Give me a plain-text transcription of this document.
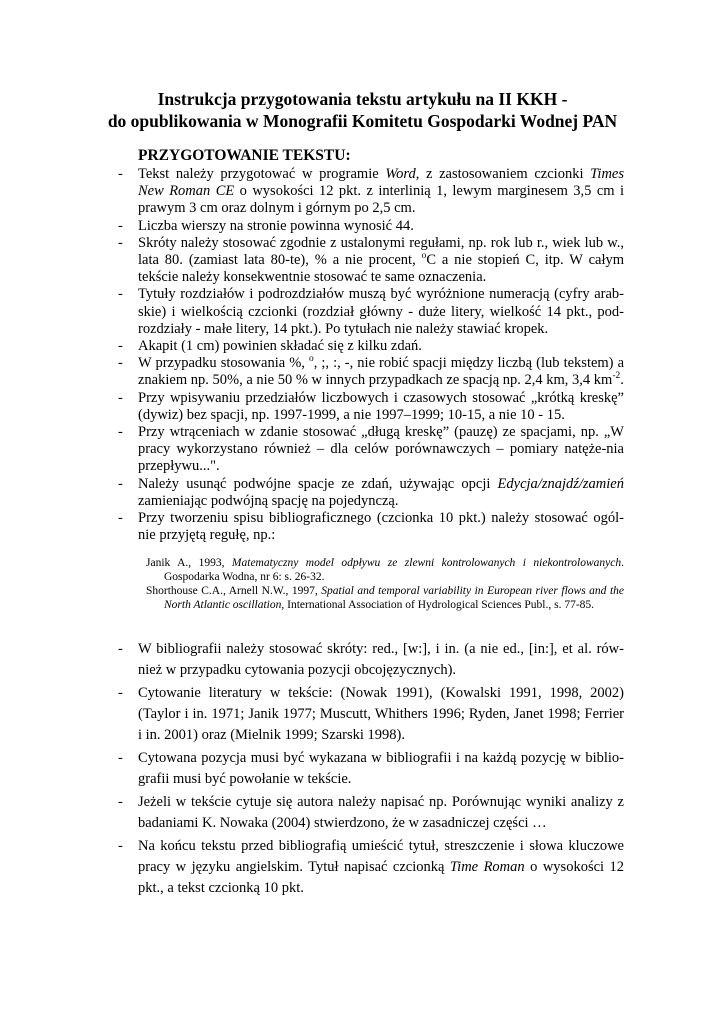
Instrukcja przygotowania tekstu artykułu na II KKH -
do opublikowania w Monografii Komitetu Gospodarki Wodnej PAN
PRZYGOTOWANIE TEKSTU:
- Tekst należy przygotować w programie Word, z zastosowaniem czcionki Times New Roman CE o wysokości 12 pkt. z interlinią 1, lewym marginesem 3,5 cm i prawym 3 cm oraz dolnym i górnym po 2,5 cm.
- Liczba wierszy na stronie powinna wynosić 44.
- Skróty należy stosować zgodnie z ustalonymi regułami, np. rok lub r., wiek lub w., lata 80. (zamiast lata 80-te), % a nie procent, $^o$C a nie stopień C, itp. W całym tekście należy konsekwentnie stosować te same oznaczenia.
- Tytuły rozdziałów i podrozdziałów muszą być wyróżnione numeracją (cyfry arab-skie) i wielkością czcionki (rozdział główny - duże litery, wielkość 14 pkt., pod-rozdziały - małe litery, 14 pkt.). Po tytułach nie należy stawiać kropek.
- Akapit (1 cm) powinien składać się z kilku zdań.
- W przypadku stosowania %, $^o$, ;, :, -, nie robić spacji między liczbą (lub tekstem) a znakiem np. 50%, a nie 50 % w innych przypadkach ze spacją np. 2,4 km, 3,4 $km^{-2}$.
- Przy wpisywaniu przedziałów liczbowych i czasowych stosować „krótką kreskę” (dywiz) bez spacji, np. 1997-1999, a nie 1997–1999; 10-15, a nie 10 - 15.
- Przy wtrąceniach w zdanie stosować „długą kreskę” (pauzę) ze spacjami, np. „W pracy wykorzystano również – dla celów porównawczych – pomiary natęże-nia przepływu...".
- Należy usunąć podwójne spacje ze zdań, używając opcji Edycja/znajdź/zamień zamieniając podwójną spację na pojedynczą.
- Przy tworzeniu spisu bibliograficznego (czcionka 10 pkt.) należy stosować ogól-nie przyjętą regułę, np.:
Janik A., 1993, Matematyczny model odpływu ze zlewni kontrolowanych i niekontrolowanych. Gospodarka Wodna, nr 6: s. 26-32.
Shorthouse C.A., Arnell N.W., 1997, Spatial and temporal variability in European river flows and the North Atlantic oscillation, International Association of Hydrological Sciences Publ., s. 77-85.
- W bibliografii należy stosować skróty: red., [w:], i in. (a nie ed., [in:], et al. rów-nież w przypadku cytowania pozycji obcojęzycznych).
- Cytowanie literatury w tekście: (Nowak 1991), (Kowalski 1991, 1998, 2002) (Taylor i in. 1971; Janik 1977; Muscutt, Whithers 1996; Ryden, Janet 1998; Ferrier i in. 2001) oraz (Mielnik 1999; Szarski 1998).
- Cytowana pozycja musi być wykazana w bibliografii i na każdą pozycję w biblio-grafii musi być powołanie w tekście.
- Jeżeli w tekście cytuje się autora należy napisać np. Porównując wyniki analizy z badaniami K. Nowaka (2004) stwierdzono, że w zasadniczej części …
- Na końcu tekstu przed bibliografią umieścić tytuł, streszczenie i słowa kluczowe pracy w języku angielskim. Tytuł napisać czcionką Time Roman o wysokości 12 pkt., a tekst czcionką 10 pkt.
